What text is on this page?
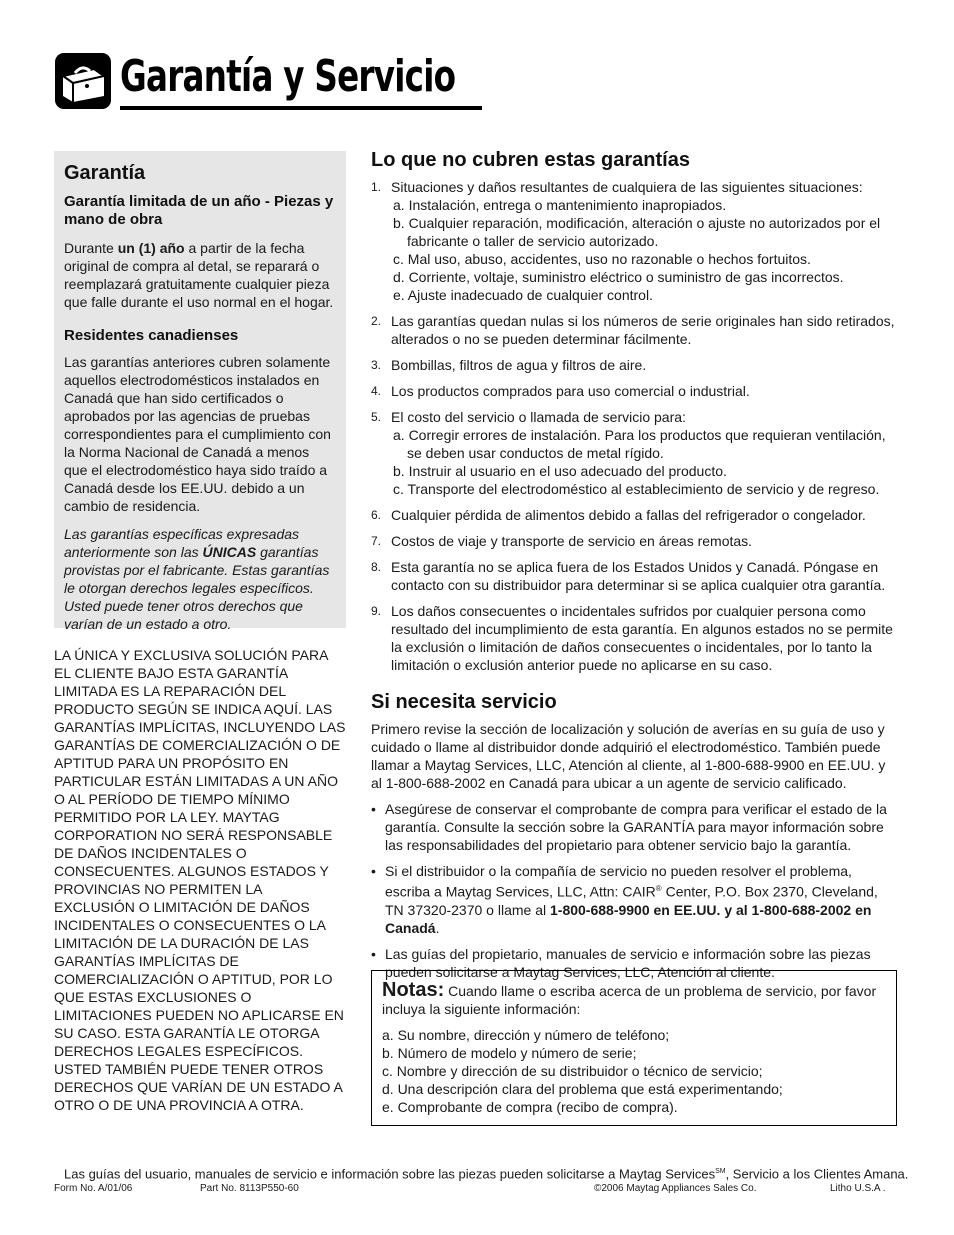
Garantía y Servicio
Garantía
Garantía limitada de un año - Piezas y mano de obra

Durante un (1) año a partir de la fecha original de compra al detal, se reparará o reemplazará gratuitamente cualquier pieza que falle durante el uso normal en el hogar.

Residentes canadienses

Las garantías anteriores cubren solamente aquellos electrodomésticos instalados en Canadá que han sido certificados o aprobados por las agencias de pruebas correspondientes para el cumplimiento con la Norma Nacional de Canadá a menos que el electrodoméstico haya sido traído a Canadá desde los EE.UU. debido a un cambio de residencia.

Las garantías específicas expresadas anteriormente son las ÚNICAS garantías provistas por el fabricante. Estas garantías le otorgan derechos legales específicos. Usted puede tener otros derechos que varían de un estado a otro.

LA ÚNICA Y EXCLUSIVA SOLUCIÓN PARA EL CLIENTE BAJO ESTA GARANTÍA LIMITADA ES LA REPARACIÓN DEL PRODUCTO SEGÚN SE INDICA AQUÍ. LAS GARANTÍAS IMPLÍCITAS, INCLUYENDO LAS GARANTÍAS DE COMERCIALIZACIÓN O DE APTITUD PARA UN PROPÓSITO EN PARTICULAR ESTÁN LIMITADAS A UN AÑO O AL PERÍODO DE TIEMPO MÍNIMO PERMITIDO POR LA LEY. MAYTAG CORPORATION NO SERÁ RESPONSABLE DE DAÑOS INCIDENTALES O CONSECUENTES. ALGUNOS ESTADOS Y PROVINCIAS NO PERMITEN LA EXCLUSIÓN O LIMITACIÓN DE DAÑOS INCIDENTALES O CONSECUENTES O LA LIMITACIÓN DE LA DURACIÓN DE LAS GARANTÍAS IMPLÍCITAS DE COMERCIALIZACIÓN O APTITUD, POR LO QUE ESTAS EXCLUSIONES O LIMITACIONES PUEDEN NO APLICARSE EN SU CASO. ESTA GARANTÍA LE OTORGA DERECHOS LEGALES ESPECÍFICOS. USTED TAMBIÉN PUEDE TENER OTROS DERECHOS QUE VARÍAN DE UN ESTADO A OTRO O DE UNA PROVINCIA A OTRA.

Lo que no cubren estas garantías
1. Situaciones y daños resultantes de cualquiera de las siguientes situaciones:
a. Instalación, entrega o mantenimiento inapropiados.
b. Cualquier reparación, modificación, alteración o ajuste no autorizados por el fabricante o taller de servicio autorizado.
c. Mal uso, abuso, accidentes, uso no razonable o hechos fortuitos.
d. Corriente, voltaje, suministro eléctrico o suministro de gas incorrectos.
e. Ajuste inadecuado de cualquier control.
2. Las garantías quedan nulas si los números de serie originales han sido retirados, alterados o no se pueden determinar fácilmente.
3. Bombillas, filtros de agua y filtros de aire.
4. Los productos comprados para uso comercial o industrial.
5. El costo del servicio o llamada de servicio para:
a. Corregir errores de instalación. Para los productos que requieran ventilación, se deben usar conductos de metal rígido.
b. Instruir al usuario en el uso adecuado del producto.
c. Transporte del electrodoméstico al establecimiento de servicio y de regreso.
6. Cualquier pérdida de alimentos debido a fallas del refrigerador o congelador.
7. Costos de viaje y transporte de servicio en áreas remotas.
8. Esta garantía no se aplica fuera de los Estados Unidos y Canadá. Póngase en contacto con su distribuidor para determinar si se aplica cualquier otra garantía.
9. Los daños consecuentes o incidentales sufridos por cualquier persona como resultado del incumplimiento de esta garantía. En algunos estados no se permite la exclusión o limitación de daños consecuentes o incidentales, por lo tanto la limitación o exclusión anterior puede no aplicarse en su caso.
Si necesita servicio

Primero revise la sección de localización y solución de averías en su guía de uso y cuidado o llame al distribuidor donde adquirió el electrodoméstico. También puede llamar a Maytag Services, LLC, Atención al cliente, al 1-800-688-9900 en EE.UU. y al 1-800-688-2002 en Canadá para ubicar a un agente de servicio calificado.

• Asegúrese de conservar el comprobante de compra para verificar el estado de la garantía. Consulte la sección sobre la GARANTÍA para mayor información sobre las responsabilidades del propietario para obtener servicio bajo la garantía.
• Si el distribuidor o la compañía de servicio no pueden resolver el problema, escriba a Maytag Services, LLC, Attn: CAIR® Center, P.O. Box 2370, Cleveland, TN 37320-2370 o llame al 1-800-688-9900 en EE.UU. y al 1-800-688-2002 en Canadá.
• Las guías del propietario, manuales de servicio e información sobre las piezas pueden solicitarse a Maytag Services, LLC, Atención al cliente.

Notas: Cuando llame o escriba acerca de un problema de servicio, por favor incluya la siguiente información:

a. Su nombre, dirección y número de teléfono;
b. Número de modelo y número de serie;
c. Nombre y dirección de su distribuidor o técnico de servicio;
d. Una descripción clara del problema que está experimentando;
e. Comprobante de compra (recibo de compra).
Las guías del usuario, manuales de servicio e información sobre las piezas pueden solicitarse a Maytag Services℠, Servicio a los Clientes Amana.
Form No. A/01/06	Part No. 8113P550-60	©2006 Maytag Appliances Sales Co.	Litho U.S.A .
